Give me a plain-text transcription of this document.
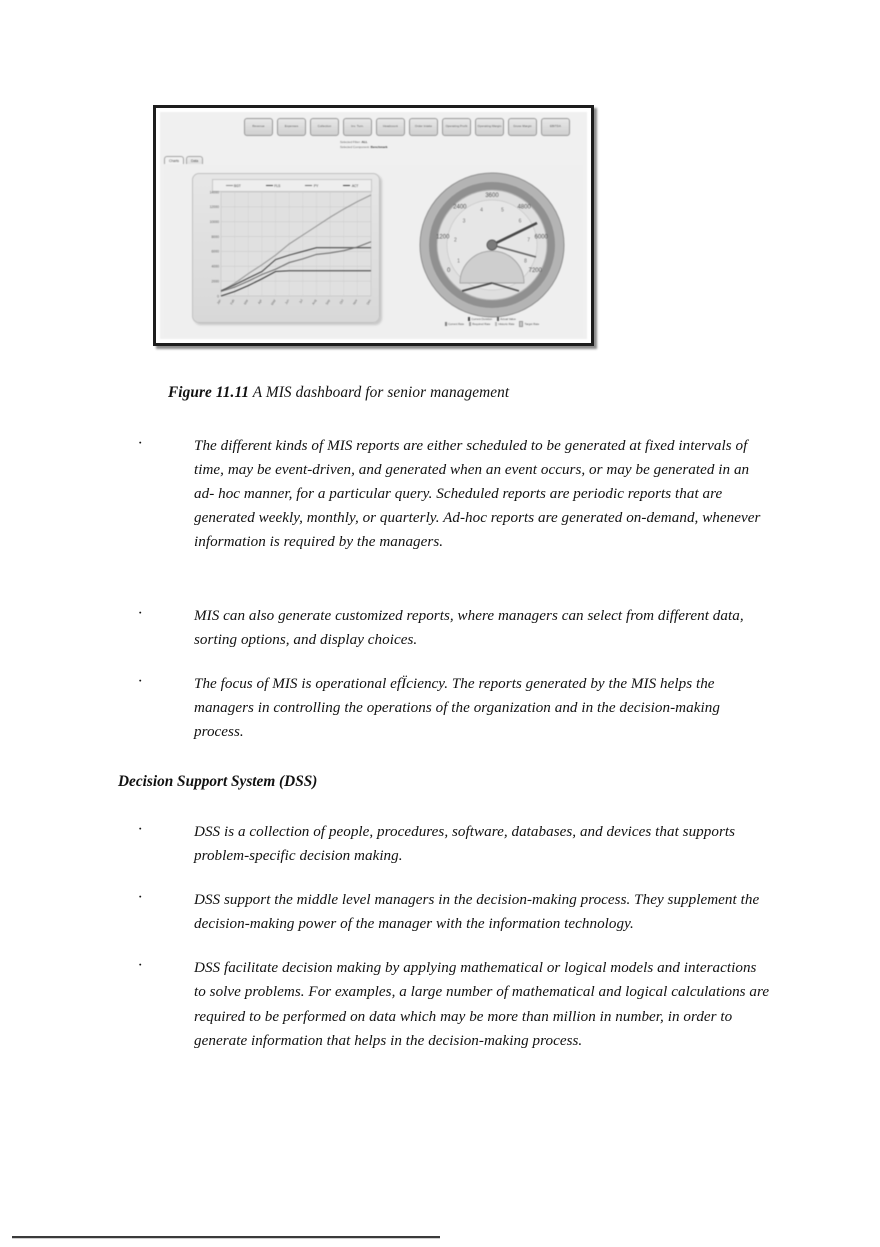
Revenue	Expenses	Collection	Inv. Turn.	Headcount	Order Intake	Operating Profit	Operating Margin	Gross Margin	EBITDA
Selected Filter: ALL
Selected Component: Benchmark
Charts	Data
BGT	FLS	PY	ACT
0
2000
4000
6000
8000
10000
12000
14000
Jan Feb Mar Apr May Jun	Jul Aug Sep Oct Nov Dec
0
1200
2400
3600
4800
6000
7200
1
2
3
4	5
6
7
8
Current Duration	Actual Value
Current Rate	Required Rate	Historic Rate	Target Rate
Figure 11.11 A MIS dashboard for senior management
· The different kinds of MIS reports are either scheduled to be generated at fixed intervals of time, may be event-driven, and generated when an event occurs, or may be generated in an ad- hoc manner, for a particular query. Scheduled reports are periodic reports that are generated weekly, monthly, or quarterly. Ad-hoc reports are generated on-demand, whenever information is required by the managers.
· MIS can also generate customized reports, where managers can select from different data, sorting options, and display choices.
· The focus of MIS is operational efÏciency. The reports generated by the MIS helps the managers in controlling the operations of the organization and in the decision-making process.
Decision Support System (DSS)
· DSS is a collection of people, procedures, software, databases, and devices that supports problem-specific decision making.
· DSS support the middle level managers in the decision-making process. They supplement the decision-making power of the manager with the information technology.
· DSS facilitate decision making by applying mathematical or logical models and interactions to solve problems. For examples, a large number of mathematical and logical calculations are required to be performed on data which may be more than million in number, in order to generate information that helps in the decision-making process.
